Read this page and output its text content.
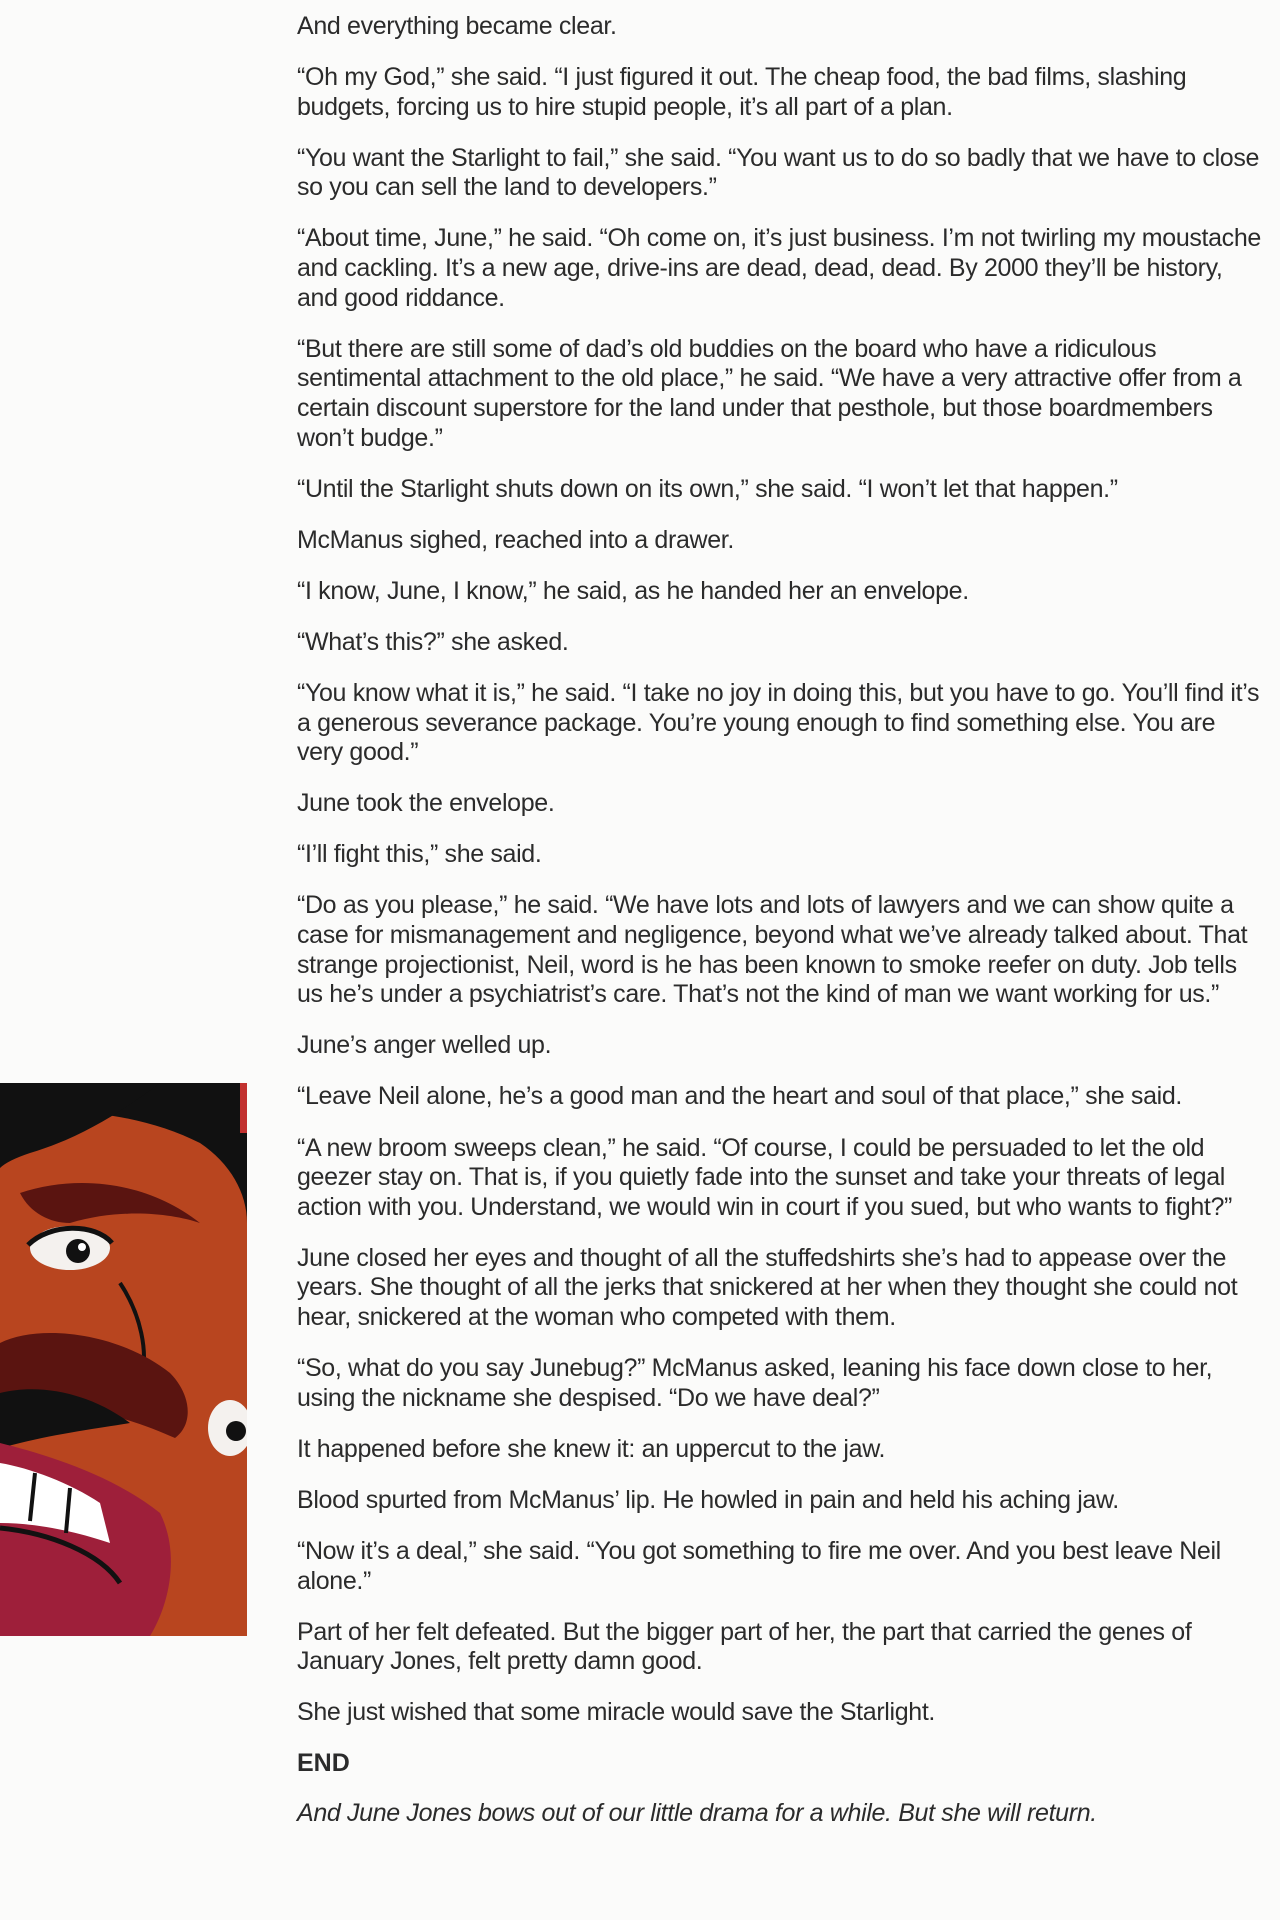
And everything became clear.

“Oh my God,” she said. “I just figured it out. The cheap food, the bad films, slashing budgets, forcing us to hire stupid people, it’s all part of a plan.

“You want the Starlight to fail,” she said. “You want us to do so badly that we have to close so you can sell the land to developers.”

“About time, June,” he said. “Oh come on, it’s just business. I’m not twirling my moustache and cackling. It’s a new age, drive-ins are dead, dead, dead. By 2000 they’ll be history, and good riddance.

“But there are still some of dad’s old buddies on the board who have a ridiculous sentimental attachment to the old place,” he said. “We have a very attractive offer from a certain discount superstore for the land under that pesthole, but those boardmembers won’t budge.”

“Until the Starlight shuts down on its own,” she said. “I won’t let that happen.”

McManus sighed, reached into a drawer.

“I know, June, I know,” he said, as he handed her an envelope.

“What’s this?” she asked.

“You know what it is,” he said. “I take no joy in doing this, but you have to go. You’ll find it’s a generous severance package. You’re young enough to find something else. You are very good.”

June took the envelope.

“I’ll fight this,” she said.

“Do as you please,” he said. “We have lots and lots of lawyers and we can show quite a case for mismanagement and negligence, beyond what we’ve already talked about. That strange projectionist, Neil, word is he has been known to smoke reefer on duty. Job tells us he’s under a psychiatrist’s care. That’s not the kind of man we want working for us.”

June’s anger welled up.

“Leave Neil alone, he’s a good man and the heart and soul of that place,” she said.

“A new broom sweeps clean,” he said. “Of course, I could be persuaded to let the old geezer stay on. That is, if you quietly fade into the sunset and take your threats of legal action with you. Understand, we would win in court if you sued, but who wants to fight?”

June closed her eyes and thought of all the stuffedshirts she’s had to appease over the years. She thought of all the jerks that snickered at her when they thought she could not hear, snickered at the woman who competed with them.

“So, what do you say Junebug?” McManus asked, leaning his face down close to her, using the nickname she despised. “Do we have deal?”

It happened before she knew it: an uppercut to the jaw.

Blood spurted from McManus’ lip. He howled in pain and held his aching jaw.

“Now it’s a deal,” she said. “You got something to fire me over. And you best leave Neil alone.”

Part of her felt defeated. But the bigger part of her, the part that carried the genes of January Jones, felt pretty damn good.

She just wished that some miracle would save the Starlight.

END

And June Jones bows out of our little drama for a while. But she will return.
